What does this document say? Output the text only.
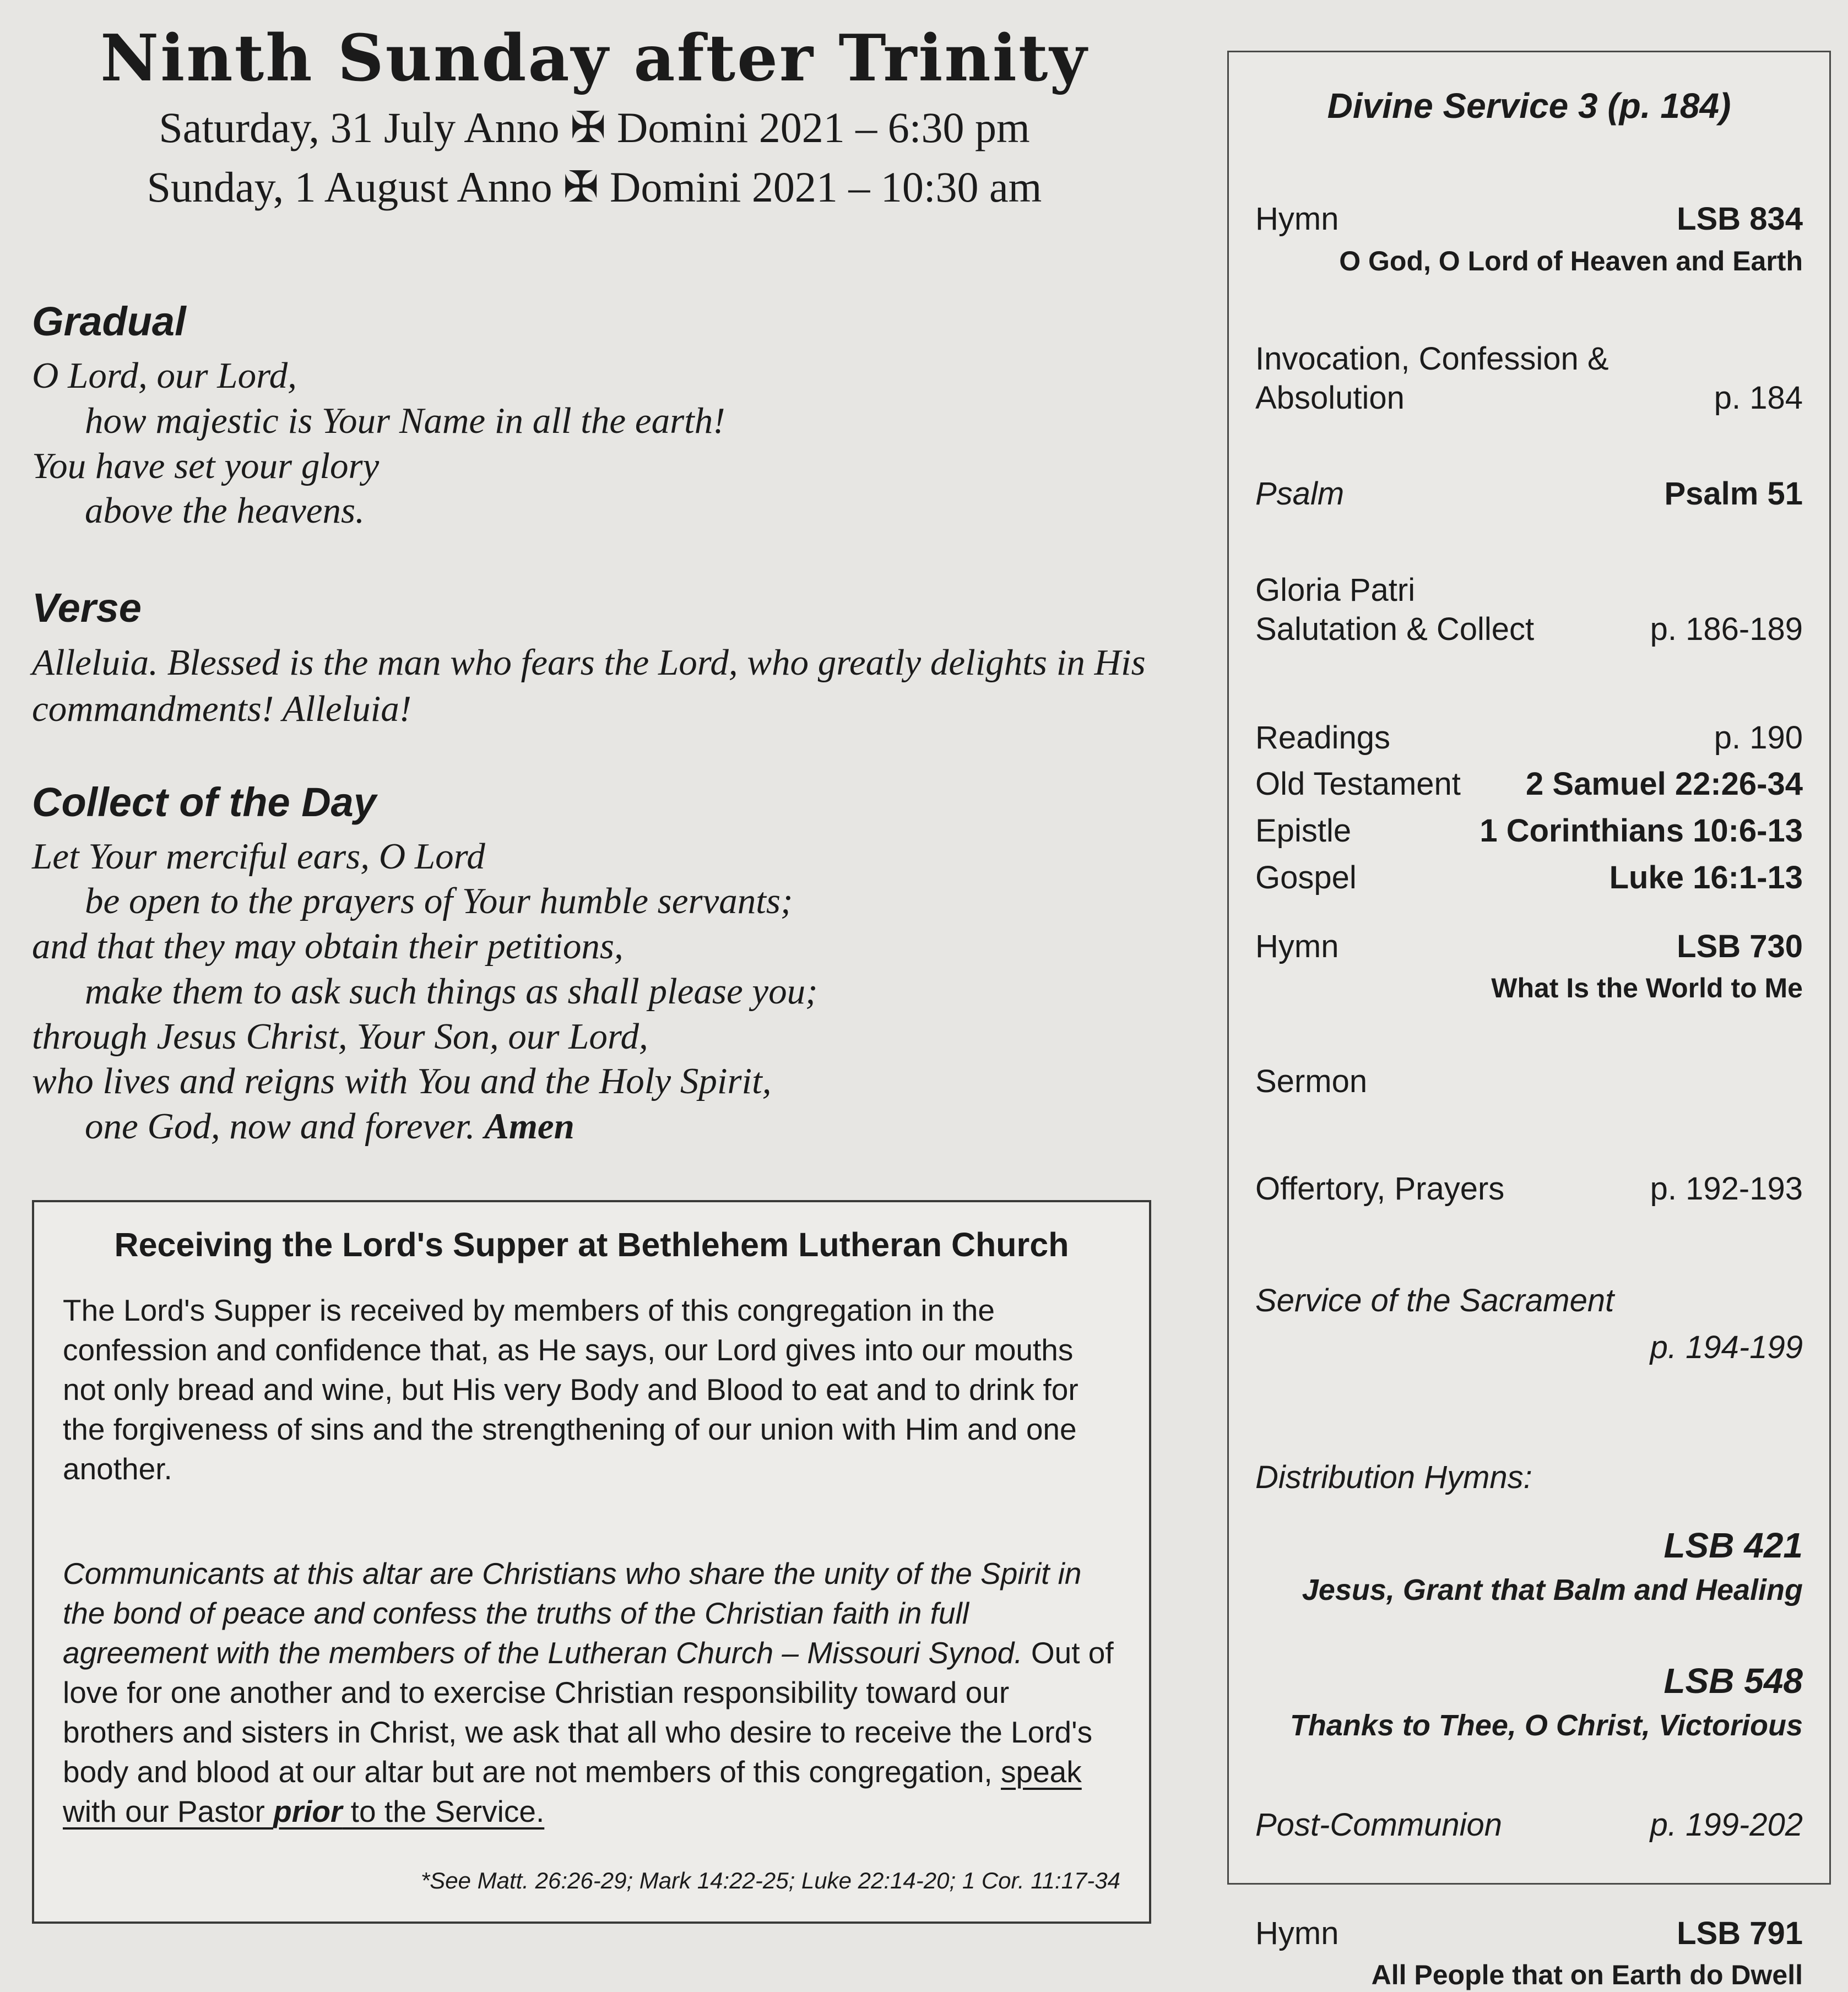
Ninth Sunday after Trinity
Saturday, 31 July Anno ✠ Domini 2021 – 6:30 pm
Sunday, 1 August Anno ✠ Domini 2021 – 10:30 am
Gradual
O Lord, our Lord,
how majestic is Your Name in all the earth!
You have set your glory
above the heavens.
Verse
Alleluia. Blessed is the man who fears the Lord, who greatly delights in His commandments! Alleluia!
Collect of the Day
Let Your merciful ears, O Lord
be open to the prayers of Your humble servants;
and that they may obtain their petitions,
make them to ask such things as shall please you;
through Jesus Christ, Your Son, our Lord,
who lives and reigns with You and the Holy Spirit,
one God, now and forever. Amen
Receiving the Lord's Supper at Bethlehem Lutheran Church
The Lord's Supper is received by members of this congregation in the confession and confidence that, as He says, our Lord gives into our mouths not only bread and wine, but His very Body and Blood to eat and to drink for the forgiveness of sins and the strengthening of our union with Him and one another.
Communicants at this altar are Christians who share the unity of the Spirit in the bond of peace and confess the truths of the Christian faith in full agreement with the members of the Lutheran Church – Missouri Synod. Out of love for one another and to exercise Christian responsibility toward our brothers and sisters in Christ, we ask that all who desire to receive the Lord's body and blood at our altar but are not members of this congregation, speak with our Pastor prior to the Service.
*See Matt. 26:26-29; Mark 14:22-25; Luke 22:14-20; 1 Cor. 11:17-34
Divine Service 3 (p. 184)
Hymn	LSB 834
O God, O Lord of Heaven and Earth
Invocation, Confession &
Absolution	p. 184
Psalm	Psalm 51
Gloria Patri
Salutation & Collect	p. 186-189
Readings	p. 190
Old Testament 2 Samuel 22:26-34
Epistle	1 Corinthians 10:6-13
Gospel	Luke 16:1-13
Hymn	LSB 730
What Is the World to Me
Sermon
Offertory, Prayers	p. 192-193
Service of the Sacrament
p. 194-199
Distribution Hymns:
LSB 421
Jesus, Grant that Balm and Healing
LSB 548
Thanks to Thee, O Christ, Victorious
Post-Communion	p. 199-202
Hymn	LSB 791
All People that on Earth do Dwell
